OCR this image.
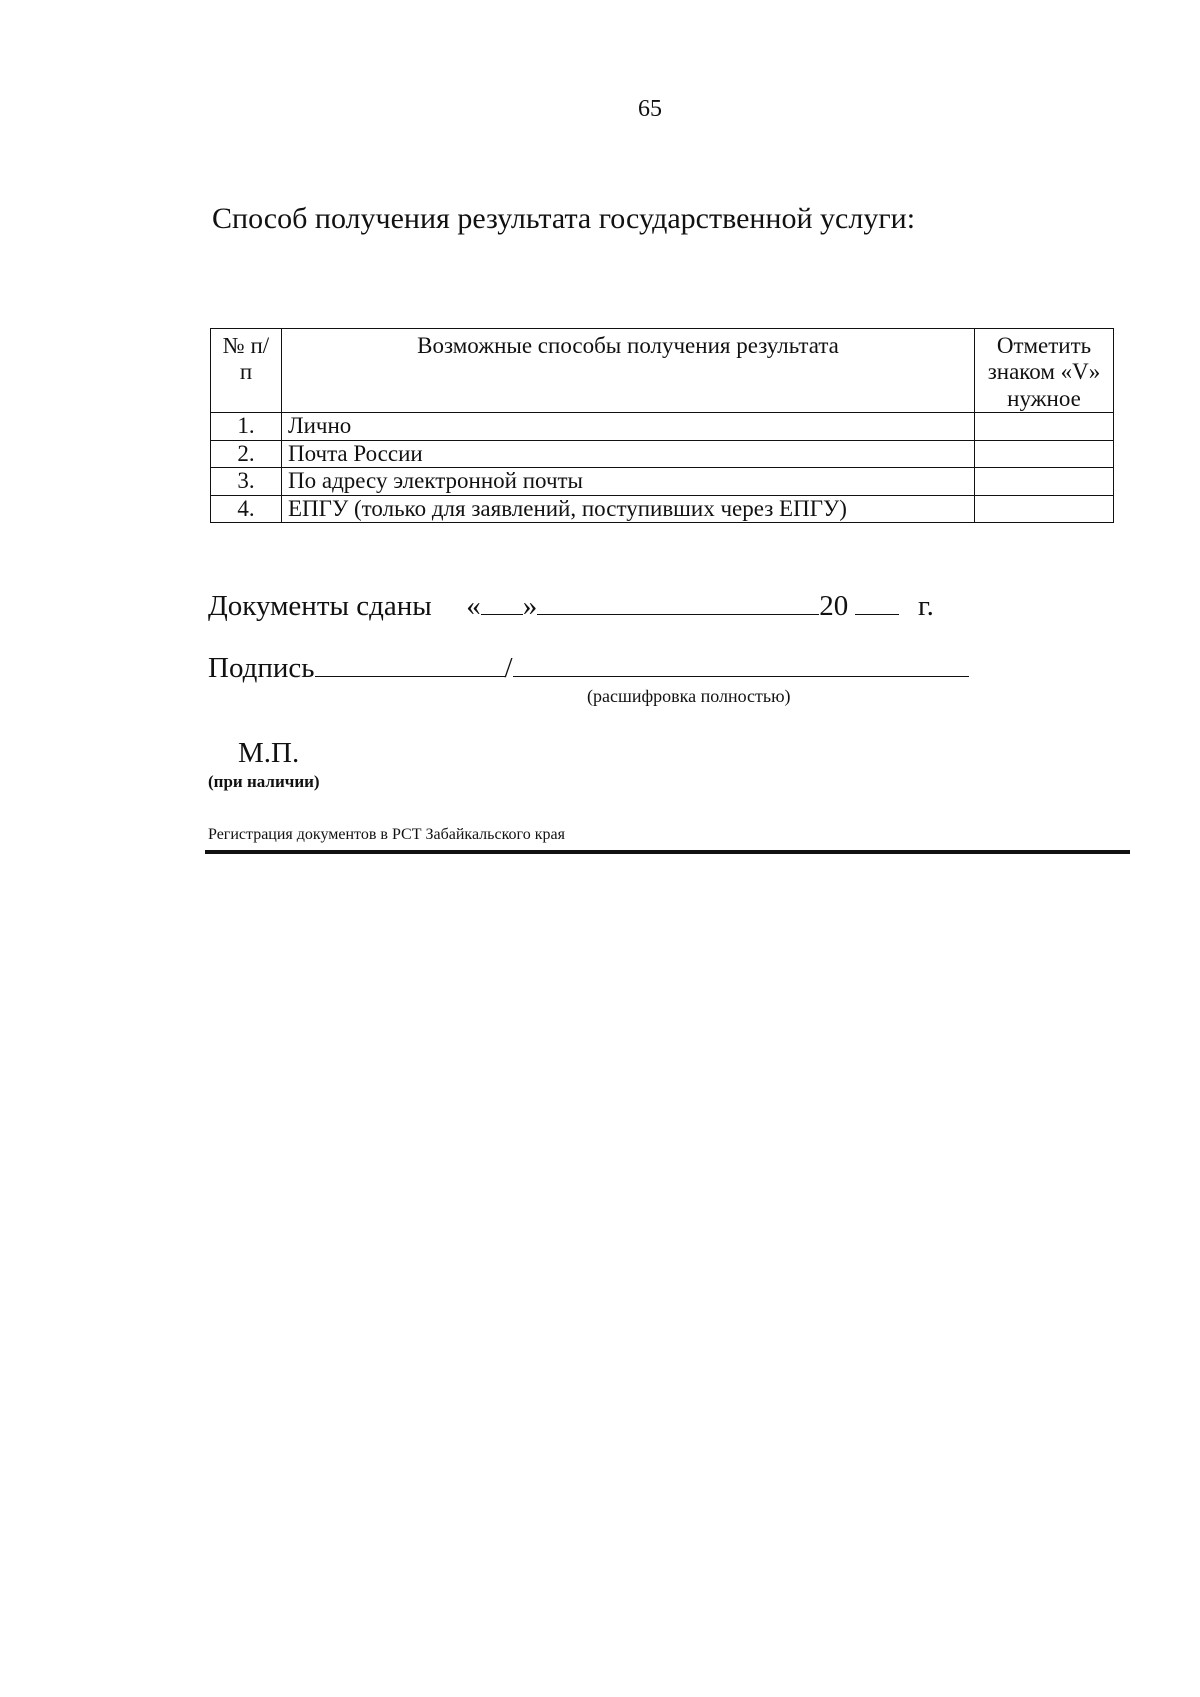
65
Способ получения результата государственной услуги:
№ п/п	Возможные способы получения результата	Отметить знаком «V» нужное
1.	Лично	
2.	Почта России	
3.	По адресу электронной почты	
4.	ЕПГУ (только для заявлений, поступивших через ЕПГУ)	
Документы сданы « »	20 г.
Подпись	/
(расшифровка полностью)
М.П.
(при наличии)
Регистрация документов в РСТ Забайкальского края
